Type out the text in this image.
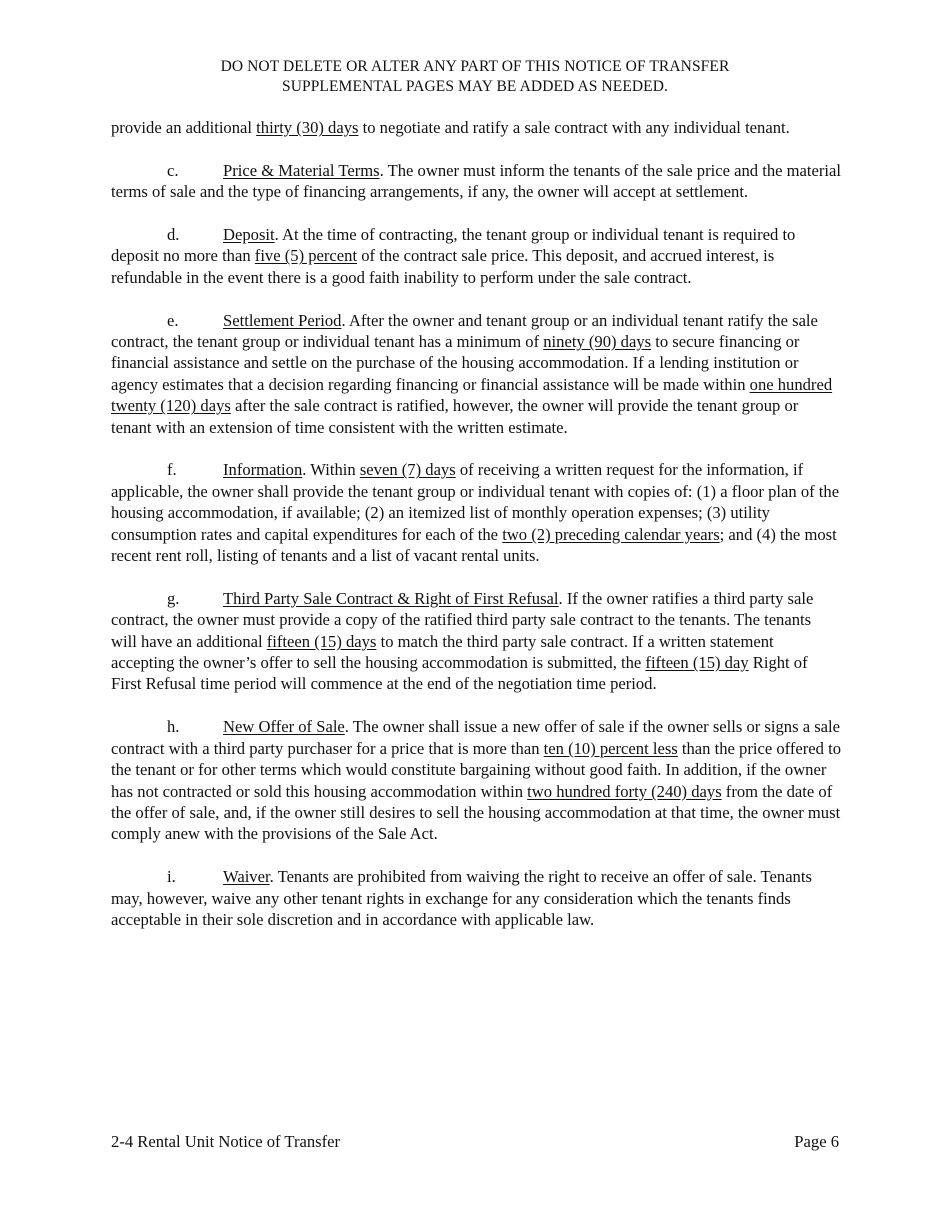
DO NOT DELETE OR ALTER ANY PART OF THIS NOTICE OF TRANSFER
SUPPLEMENTAL PAGES MAY BE ADDED AS NEEDED.

provide an additional thirty (30) days to negotiate and ratify a sale contract with any individual tenant.

c.	Price & Material Terms. The owner must inform the tenants of the sale price and the material terms of sale and the type of financing arrangements, if any, the owner will accept at settlement.

d.	Deposit. At the time of contracting, the tenant group or individual tenant is required to deposit no more than five (5) percent of the contract sale price. This deposit, and accrued interest, is refundable in the event there is a good faith inability to perform under the sale contract.

e.	Settlement Period. After the owner and tenant group or an individual tenant ratify the sale contract, the tenant group or individual tenant has a minimum of ninety (90) days to secure financing or financial assistance and settle on the purchase of the housing accommodation. If a lending institution or agency estimates that a decision regarding financing or financial assistance will be made within one hundred twenty (120) days after the sale contract is ratified, however, the owner will provide the tenant group or tenant with an extension of time consistent with the written estimate.

f.	Information. Within seven (7) days of receiving a written request for the information, if applicable, the owner shall provide the tenant group or individual tenant with copies of: (1) a floor plan of the housing accommodation, if available; (2) an itemized list of monthly operation expenses; (3) utility consumption rates and capital expenditures for each of the two (2) preceding calendar years; and (4) the most recent rent roll, listing of tenants and a list of vacant rental units.

g.	Third Party Sale Contract & Right of First Refusal. If the owner ratifies a third party sale contract, the owner must provide a copy of the ratified third party sale contract to the tenants. The tenants will have an additional fifteen (15) days to match the third party sale contract. If a written statement accepting the owner’s offer to sell the housing accommodation is submitted, the fifteen (15) day Right of First Refusal time period will commence at the end of the negotiation time period.

h.	New Offer of Sale. The owner shall issue a new offer of sale if the owner sells or signs a sale contract with a third party purchaser for a price that is more than ten (10) percent less than the price offered to the tenant or for other terms which would constitute bargaining without good faith. In addition, if the owner has not contracted or sold this housing accommodation within two hundred forty (240) days from the date of the offer of sale, and, if the owner still desires to sell the housing accommodation at that time, the owner must comply anew with the provisions of the Sale Act.

i.	Waiver. Tenants are prohibited from waiving the right to receive an offer of sale. Tenants may, however, waive any other tenant rights in exchange for any consideration which the tenants finds acceptable in their sole discretion and in accordance with applicable law.

2-4 Rental Unit Notice of Transfer	Page 6
